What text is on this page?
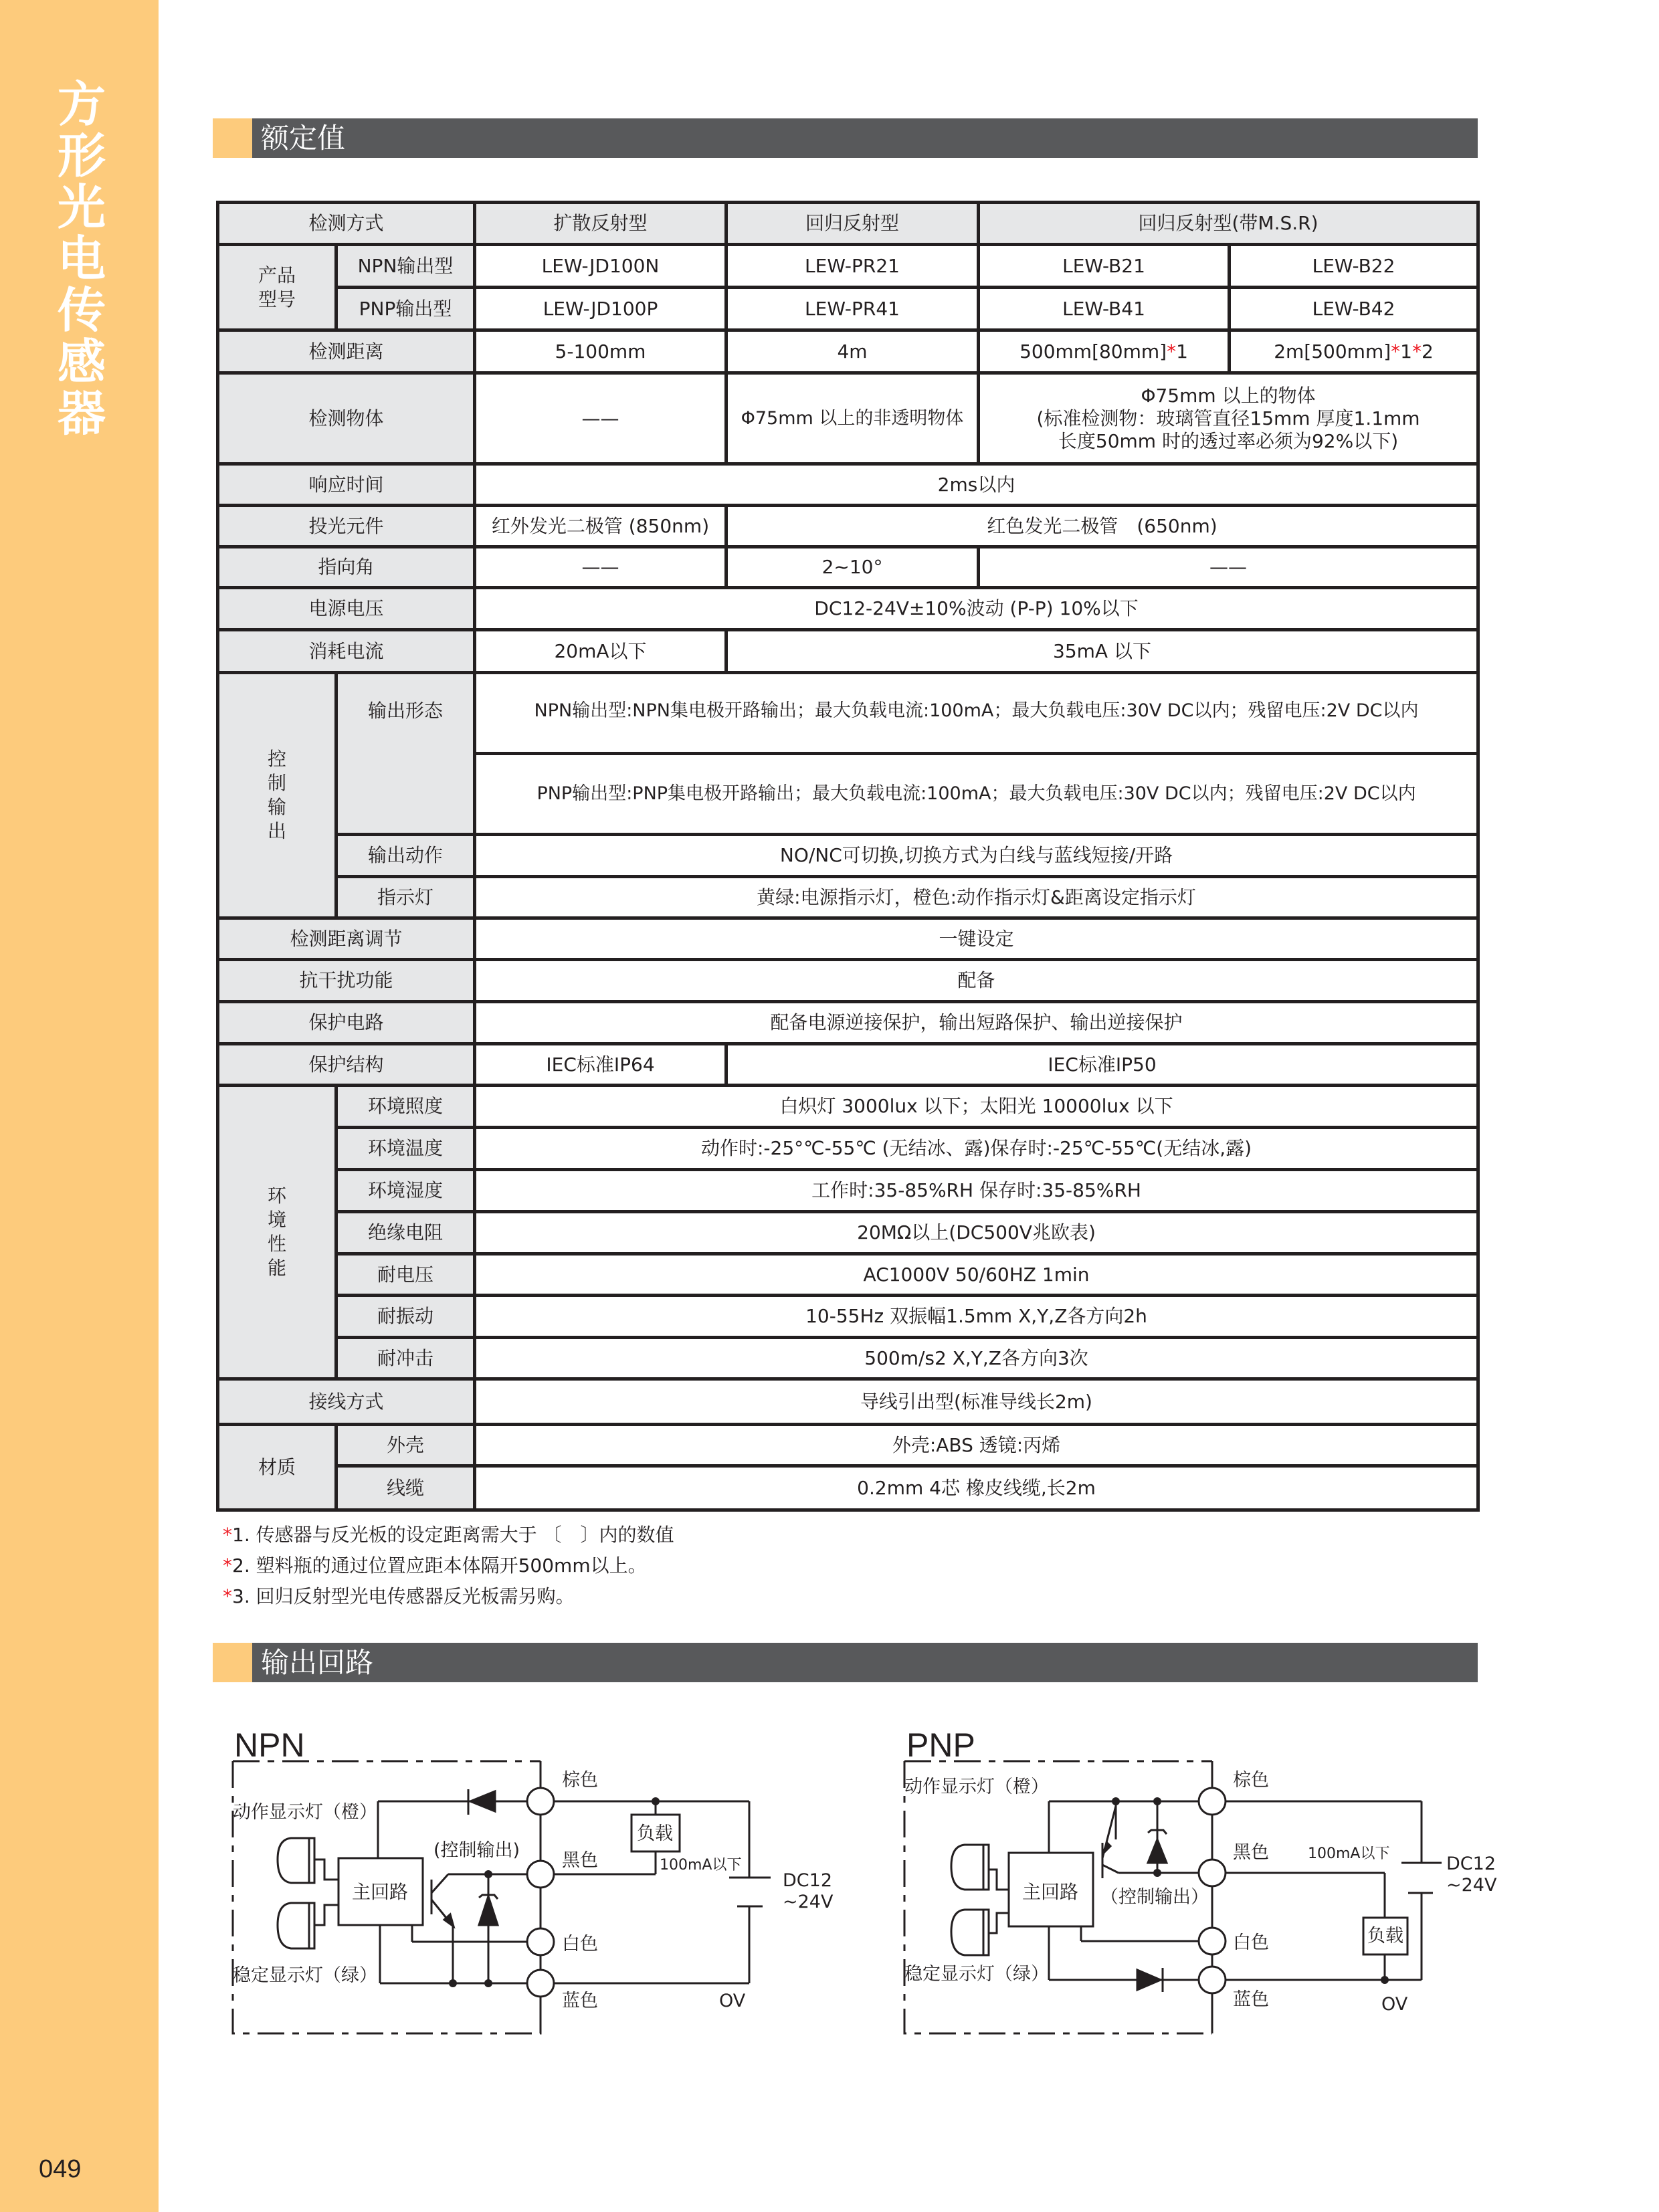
方
形
光
电
传
感
器
049
额定值
检测方式		扩散反射型	回归反射型	回归反射型(带M.S.R)	
产品型号	NPN输出型	LEW-JD100N	LEW-PR21	LEW-B21	LEW-B22
	PNP输出型	LEW-JD100P	LEW-PR41	LEW-B41	LEW-B42
检测距离		5-100mm	4m	500mm[80mm]*1	2m[500mm]*1*2
检测物体		——	Φ75mm 以上的非透明物体	Φ75mm 以上的物体
(标准检测物：玻璃管直径15mm 厚度1.1mm
长度50mm 时的透过率必须为92%以下)	

响应时间		2ms以内			
投光元件		红外发光二极管 (850nm)	红色发光二极管　(650nm)		
指向角		——	2~10°	——	
电源电压		DC12-24V±10%波动 (P-P) 10%以下			
消耗电流		20mA以下	35mA 以下		
控制输出	输出形态	NPN输出型:NPN集电极开路输出；最大负载电流:100mA；最大负载电压:30V DC以内；残留电压:2V DC以内			
		PNP输出型:PNP集电极开路输出；最大负载电流:100mA；最大负载电压:30V DC以内；残留电压:2V DC以内			
	输出动作	NO/NC可切换,切换方式为白线与蓝线短接/开路			
	指示灯	黄绿:电源指示灯，橙色:动作指示灯&距离设定指示灯			
检测距离调节		一键设定			
抗干扰功能		配备			
保护电路		配备电源逆接保护，输出短路保护、输出逆接保护			
保护结构		IEC标准IP64	IEC标准IP50		
环境性能	环境照度	白炽灯 3000lux 以下；太阳光 10000lux 以下			
	环境温度	动作时:-25°℃-55℃ (无结冰、露)保存时:-25℃-55℃(无结冰,露)			
	环境湿度	工作时:35-85%RH 保存时:35-85%RH			
	绝缘电阻	20MΩ以上(DC500V兆欧表)			
	耐电压	AC1000V 50/60HZ 1min			
	耐振动	10-55Hz 双振幅1.5mm X,Y,Z各方向2h			
	耐冲击	500m/s2 X,Y,Z各方向3次			
接线方式		导线引出型(标准导线长2m)			
材质	外壳	外壳:ABS 透镜:丙烯			
	线缆	0.2mm 4芯 橡皮线缆,长2m			
*1. 传感器与反光板的设定距离需大于 〔　〕内的数值
*2. 塑料瓶的通过位置应距本体隔开500mm以上。
*3. 回归反射型光电传感器反光板需另购。
输出回路
NPN
动作显示灯（橙）
稳定显示灯（绿）
主回路
(控制输出)
棕色
黑色
白色
蓝色
负载
100mA以下
DC12
~24V
OV
PNP
动作显示灯（橙）
稳定显示灯（绿）
主回路 （控制输出）
棕色
黑色
白色
蓝色
负载
100mA以下	DC12
~24V
OV
